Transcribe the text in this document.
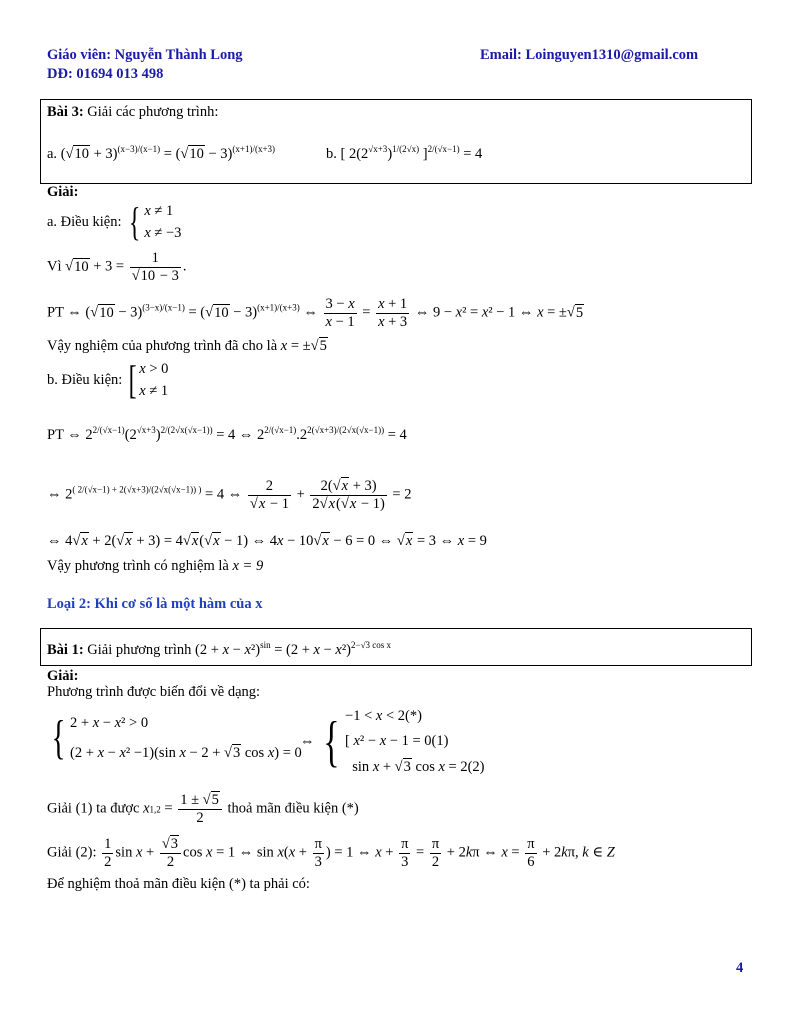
Giáo viên: Nguyễn Thành Long	Email: Loinguyen1310@gmail.com
DĐ: 01694 013 498
Bài 3: Giải các phương trình:
a. $(√10 + 3)^{(x-3)/(x-1)} = (√10 - 3)^{(x+1)/(x+3)}$	b. [ $2(2^{√x+3})^{1/(2√x)}$ ]$^{2/(√x-1)}$ = 4
Giải:
a. Điều kiện: { x ≠ 1
x ≠ −3
Vì $√10 + 3 = \frac{1}{√10 - 3}$ .
PT ⇔ $(√10 - 3)^{(3-x)/(x-1)} = (√10 - 3)^{(x+1)/(x+3)}$ ⇔ $\frac{3 - x}{x - 1} = \frac{x + 1}{x + 3}$ ⇔ 9 − x² = x² − 1 ⇔ x = ±√5
Vậy nghiệm của phương trình đã cho là x = ±√5
b. Điều kiện: [ x > 0
x ≠ 1
PT ⇔ $2^{2/(√x-1)}(2^{√x+3})^{2/(2√x(√x-1))} = 4$ ⇔ $2^{2/(√x-1)}.2^{2(√x+3)/(2√x(√x-1))} = 4$
⇔ $2^{( 2/(√x-1) + 2(√x+3)/(2√x(√x-1)) )} = 4$ ⇔ $\frac{2}{√x - 1} + \frac{2(√x + 3)}{2√x(√x - 1)} = 2$
⇔ 4√x + 2(√x + 3) = 4√x(√x − 1) ⇔ 4x − 10√x − 6 = 0 ⇔ √x = 3 ⇔ x = 9
Vậy phương trình có nghiệm là x = 9
Loại 2: Khi cơ số là một hàm của x
Bài 1: Giải phương trình $(2 + x - x^2)^{sin} = (2 + x - x^2)^{2-√3 cos x}$
Giải:
Phương trình được biến đổi về dạng:
{ 2 + x − x² > 0
(2 + x − x² −1)(sin x − 2 + √3 cos x) = 0
⇔ { −1 < x < 2(*)
[ x² − x − 1 = 0(1)
sin x + √3 cos x = 2(2)
Giải (1) ta được $x1,2 = \frac{1 \pm √5}{2}$ thoả mãn điều kiện (*)
Giải (2): $\frac{1}{2}$ $\sin x + \frac{√3}{2}$ cos x = 1 ⇔ $\sin x(x + \frac{\pi}{3}$ ) = 1 ⇔ $x + \frac{\pi}{3} = \frac{\pi}{2} + 2k\pi$ ⇔ $x = \frac{\pi}{6} + 2k\pi$, k ∈ Z
Để nghiệm thoả mãn điều kiện (*) ta phải có:
4
